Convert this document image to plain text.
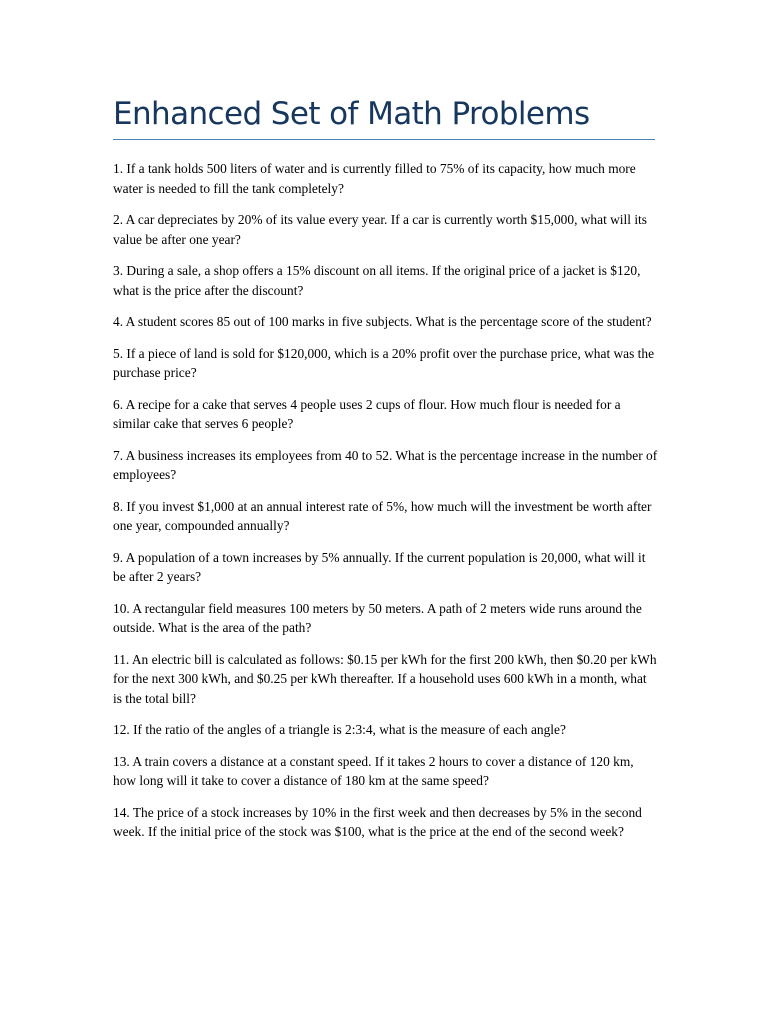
Enhanced Set of Math Problems
1. If a tank holds 500 liters of water and is currently filled to 75% of its capacity, how much more water is needed to fill the tank completely?
2. A car depreciates by 20% of its value every year. If a car is currently worth $15,000, what will its value be after one year?
3. During a sale, a shop offers a 15% discount on all items. If the original price of a jacket is $120, what is the price after the discount?
4. A student scores 85 out of 100 marks in five subjects. What is the percentage score of the student?
5. If a piece of land is sold for $120,000, which is a 20% profit over the purchase price, what was the purchase price?
6. A recipe for a cake that serves 4 people uses 2 cups of flour. How much flour is needed for a similar cake that serves 6 people?
7. A business increases its employees from 40 to 52. What is the percentage increase in the number of employees?
8. If you invest $1,000 at an annual interest rate of 5%, how much will the investment be worth after one year, compounded annually?
9. A population of a town increases by 5% annually. If the current population is 20,000, what will it be after 2 years?
10. A rectangular field measures 100 meters by 50 meters. A path of 2 meters wide runs around the outside. What is the area of the path?
11. An electric bill is calculated as follows: $0.15 per kWh for the first 200 kWh, then $0.20 per kWh for the next 300 kWh, and $0.25 per kWh thereafter. If a household uses 600 kWh in a month, what is the total bill?
12. If the ratio of the angles of a triangle is 2:3:4, what is the measure of each angle?
13. A train covers a distance at a constant speed. If it takes 2 hours to cover a distance of 120 km, how long will it take to cover a distance of 180 km at the same speed?
14. The price of a stock increases by 10% in the first week and then decreases by 5% in the second week. If the initial price of the stock was $100, what is the price at the end of the second week?
